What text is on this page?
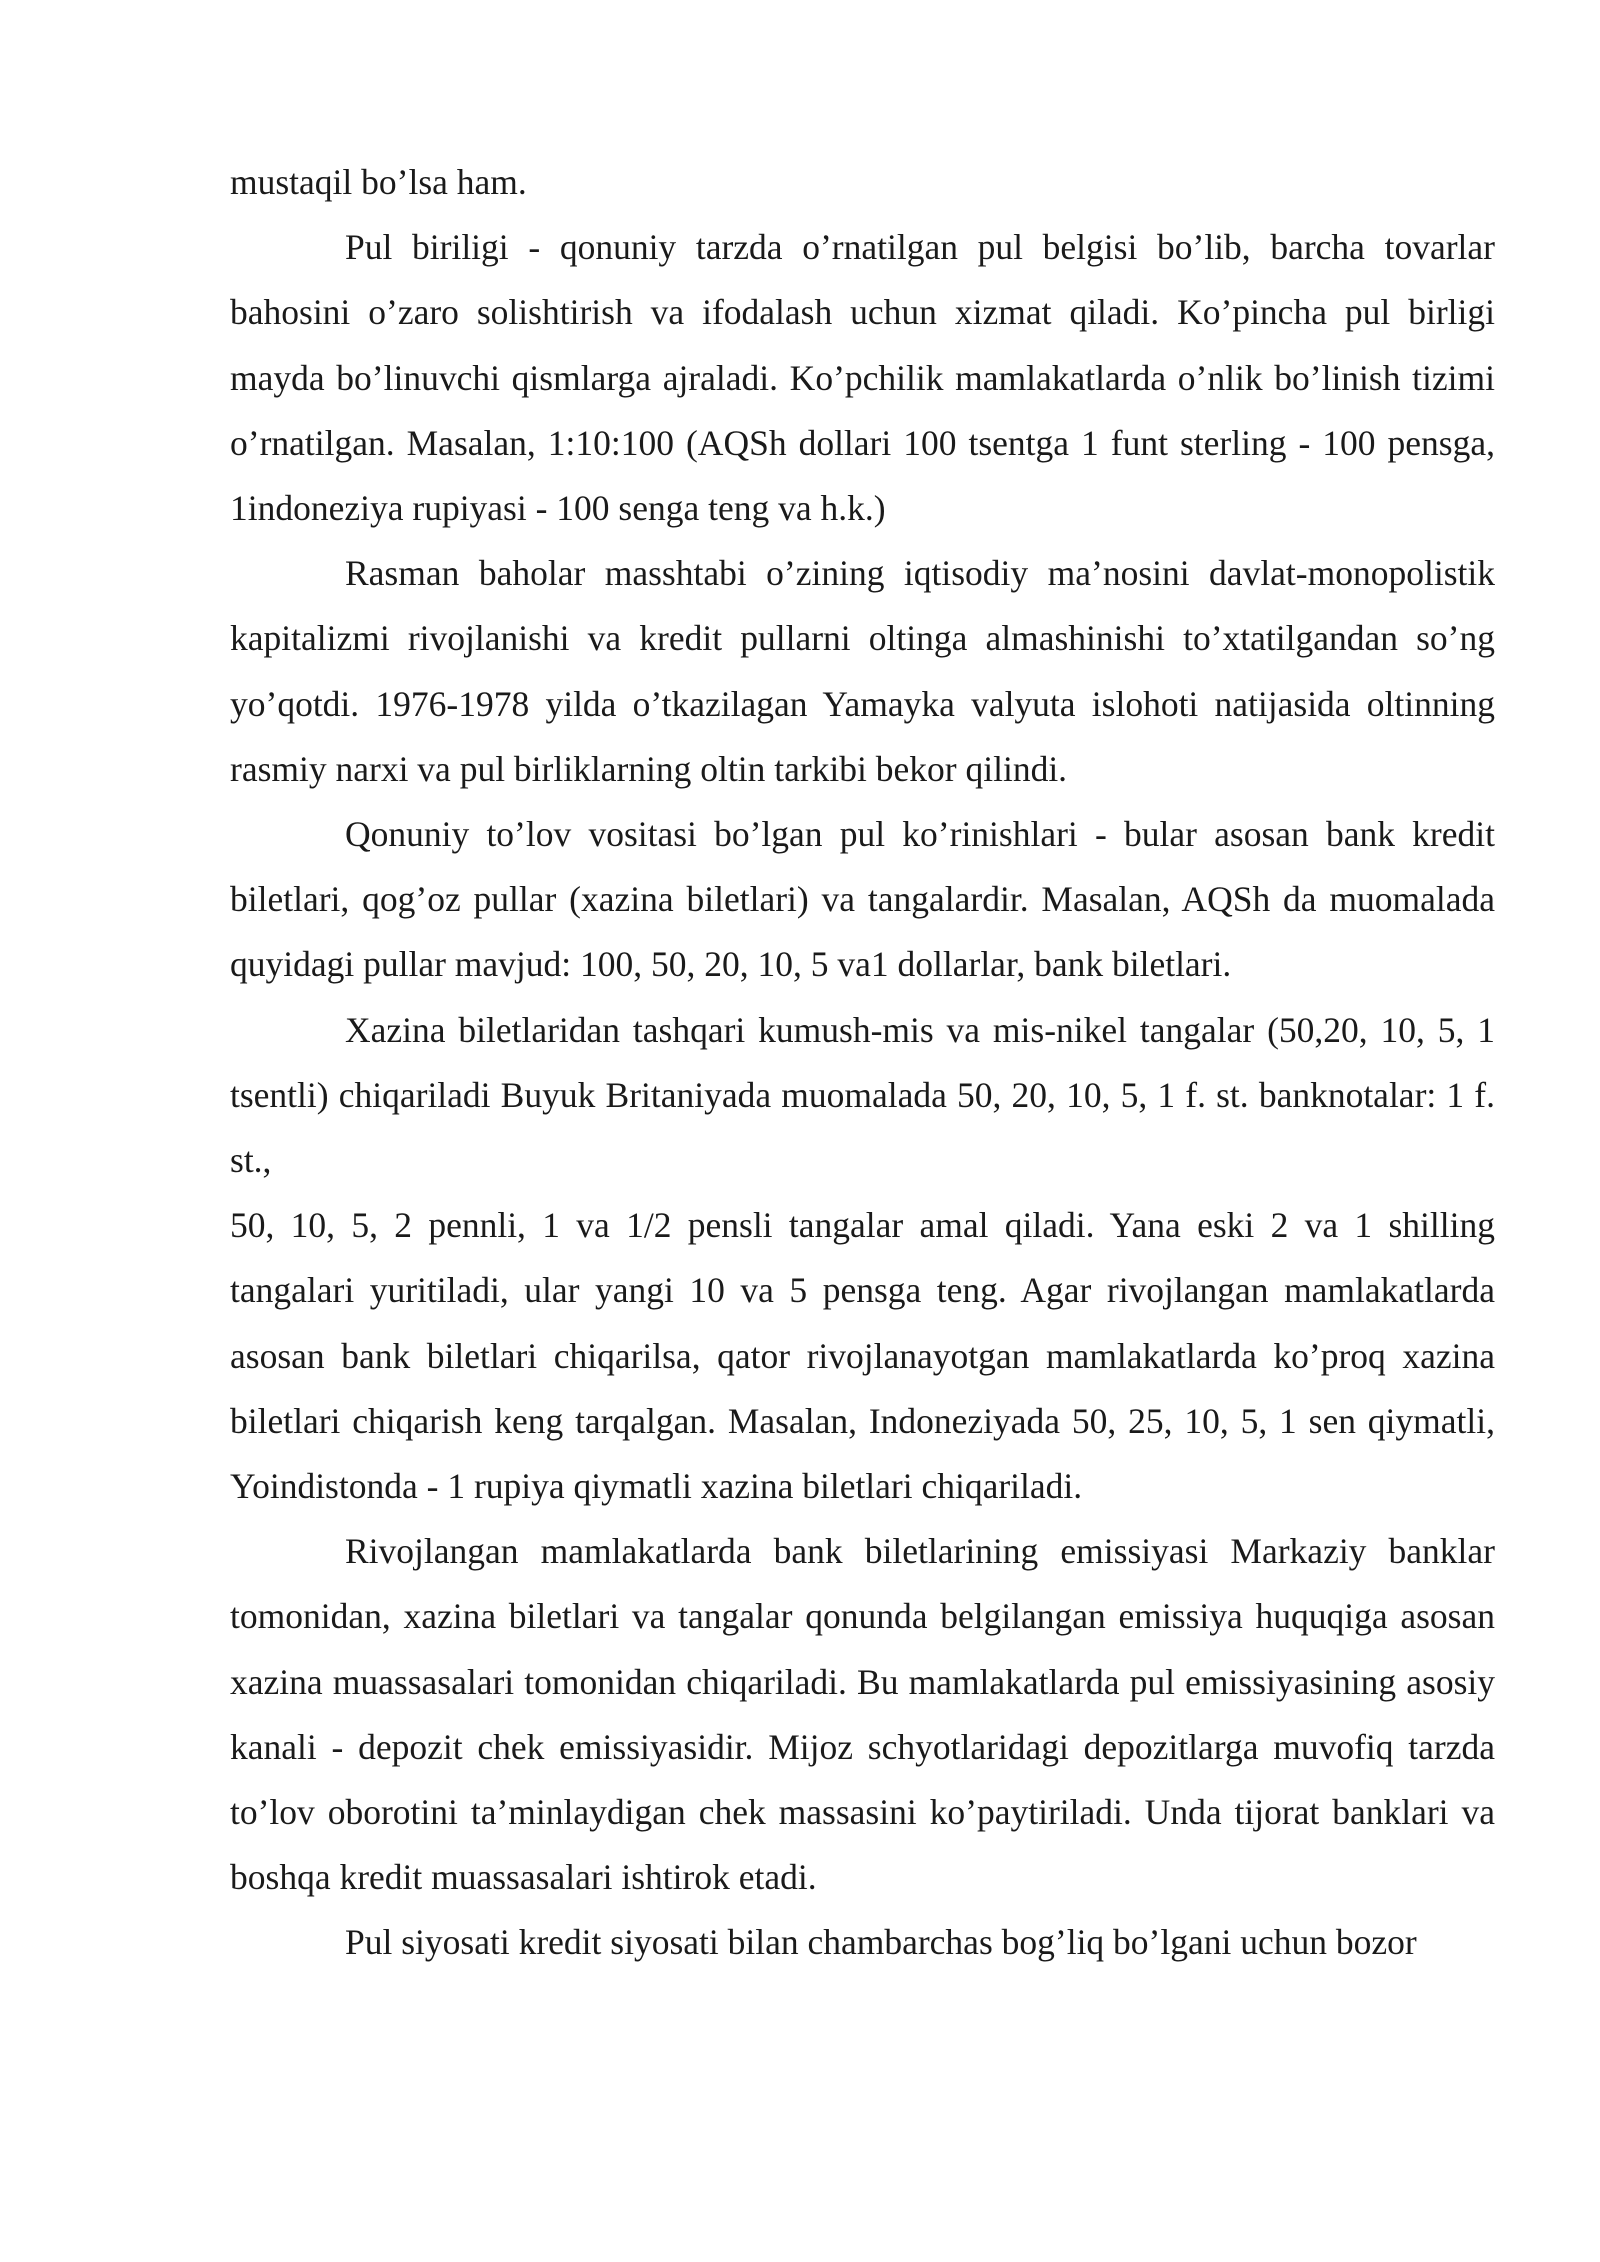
mustaqil bo’lsa ham.

Pul biriligi - qonuniy tarzda o’rnatilgan pul belgisi bo’lib, barcha tovarlar bahosini o’zaro solishtirish va ifodalash uchun xizmat qiladi. Ko’pincha pul birligi mayda bo’linuvchi qismlarga ajraladi. Ko’pchilik mamlakatlarda o’nlik bo’linish tizimi o’rnatilgan. Masalan, 1:10:100 (AQSh dollari 100 tsentga 1 funt sterling - 100 pensga, 1indoneziya rupiyasi - 100 senga teng va h.k.)

Rasman baholar masshtabi o’zining iqtisodiy ma’nosini davlat-monopolistik kapitalizmi rivojlanishi va kredit pullarni oltinga almashinishi to’xtatilgandan so’ng yo’qotdi. 1976-1978 yilda o’tkazilagan Yamayka valyuta islohoti natijasida oltinning rasmiy narxi va pul birliklarning oltin tarkibi bekor qilindi.

Qonuniy to’lov vositasi bo’lgan pul ko’rinishlari - bular asosan bank kredit biletlari, qog’oz pullar (xazina biletlari) va tangalardir. Masalan, AQSh da muomalada quyidagi pullar mavjud: 100, 50, 20, 10, 5 va1 dollarlar, bank biletlari.

Xazina biletlaridan tashqari kumush-mis va mis-nikel tangalar (50,20, 10, 5, 1 tsentli) chiqariladi Buyuk Britaniyada muomalada 50, 20, 10, 5, 1 f. st. banknotalar: 1 f. st.,

50, 10, 5, 2 pennli, 1 va 1/2 pensli tangalar amal qiladi. Yana eski 2 va 1 shilling tangalari yuritiladi, ular yangi 10 va 5 pensga teng. Agar rivojlangan mamlakatlarda asosan bank biletlari chiqarilsa, qator rivojlanayotgan mamlakatlarda ko’proq xazina biletlari chiqarish keng tarqalgan. Masalan, Indoneziyada 50, 25, 10, 5, 1 sen qiymatli, Yoindistonda - 1 rupiya qiymatli xazina biletlari chiqariladi.

Rivojlangan mamlakatlarda bank biletlarining emissiyasi Markaziy banklar tomonidan, xazina biletlari va tangalar qonunda belgilangan emissiya huquqiga asosan xazina muassasalari tomonidan chiqariladi. Bu mamlakatlarda pul emissiyasining asosiy kanali - depozit chek emissiyasidir. Mijoz schyotlaridagi depozitlarga muvofiq tarzda to’lov oborotini ta’minlaydigan chek massasini ko’paytiriladi. Unda tijorat banklari va boshqa kredit muassasalari ishtirok etadi.

Pul siyosati kredit siyosati bilan chambarchas bog’liq bo’lgani uchun bozor
